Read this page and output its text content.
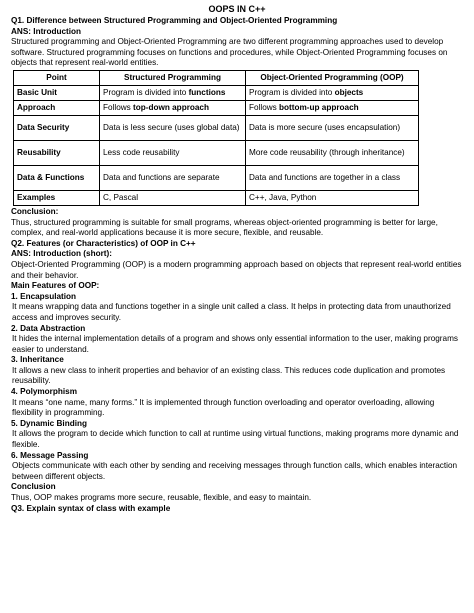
OOPS IN C++

Q1. Difference between Structured Programming and Object-Oriented Programming

ANS: Introduction

Structured programming and Object-Oriented Programming are two different programming approaches used to develop software. Structured programming focuses on functions and procedures, while Object-Oriented Programming focuses on objects that represent real-world entities.

Point	Structured Programming	Object-Oriented Programming (OOP)
Basic Unit	Program is divided into functions	Program is divided into objects
Approach	Follows top-down approach	Follows bottom-up approach
Data Security	Data is less secure (uses global data)	Data is more secure (uses encapsulation)
Reusability	Less code reusability	More code reusability (through inheritance)
Data & Functions	Data and functions are separate	Data and functions are together in a class
Examples	C, Pascal	C++, Java, Python

Conclusion:

Thus, structured programming is suitable for small programs, whereas object-oriented programming is better for large, complex, and real-world applications because it is more secure, flexible, and reusable.

Q2. Features (or Characteristics) of OOP in C++

ANS: Introduction (short):

Object-Oriented Programming (OOP) is a modern programming approach based on objects that represent real-world entities and their behavior.

Main Features of OOP:

1. Encapsulation

It means wrapping data and functions together in a single unit called a class. It helps in protecting data from unauthorized access and improves security.

2. Data Abstraction

It hides the internal implementation details of a program and shows only essential information to the user, making programs easier to understand.

3. Inheritance

It allows a new class to inherit properties and behavior of an existing class. This reduces code duplication and promotes reusability.

4. Polymorphism

It means “one name, many forms.” It is implemented through function overloading and operator overloading, allowing flexibility in programming.

5. Dynamic Binding

It allows the program to decide which function to call at runtime using virtual functions, making programs more dynamic and flexible.

6. Message Passing

Objects communicate with each other by sending and receiving messages through function calls, which enables interaction between different objects.

Conclusion

Thus, OOP makes programs more secure, reusable, flexible, and easy to maintain.

Q3. Explain syntax of class with example
